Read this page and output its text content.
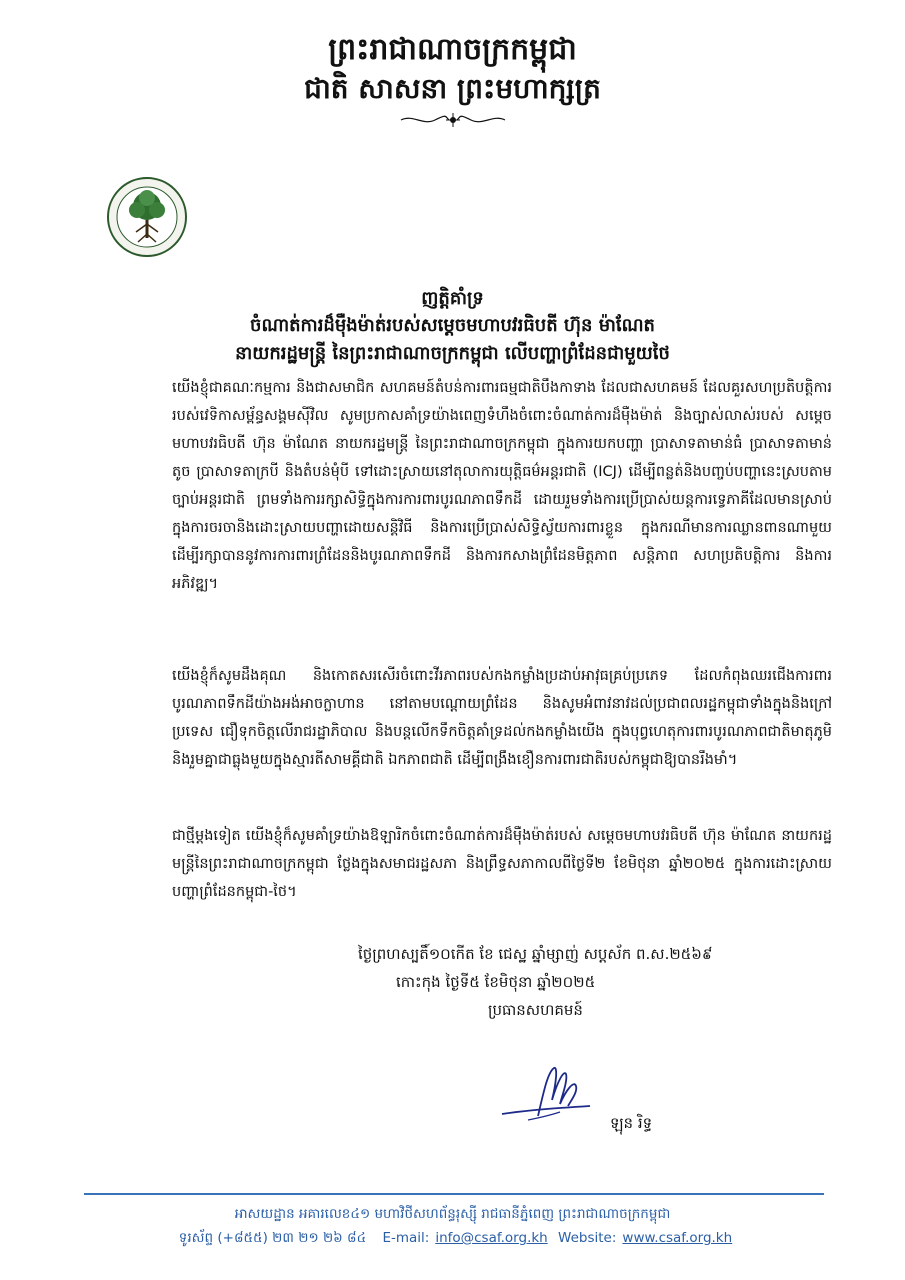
ព្រះរាជាណាចក្រកម្ពុជា
ជាតិ សាសនា ព្រះមហាក្សត្រ
ញត្តិគាំទ្រ
ចំណាត់ការដ៏ម៉ឺងម៉ាត់របស់សម្ដេចមហាបវរធិបតី ហ៊ុន ម៉ាណែត
នាយករដ្ឋមន្ត្រី នៃព្រះរាជាណាចក្រកម្ពុជា លើបញ្ហាព្រំដែនជាមួយថៃ

យើងខ្ញុំជាគណៈកម្មការ និងជាសមាជិក សហគមន៍តំបន់ការពារធម្មជាតិបឹងកាទាង ដែលជាសហគមន៍ ដែលគួរសហប្រតិបត្តិការរបស់វេទិកាសម្ព័ន្ធសង្គមស៊ីវិល សូមប្រកាសគាំទ្រយ៉ាងពេញទំហឹងចំពោះចំណាត់ការដ៏ម៉ឺងម៉ាត់ និងច្បាស់លាស់របស់ សម្ដេចមហាបវរធិបតី ហ៊ុន ម៉ាណែត នាយករដ្ឋមន្ត្រី នៃព្រះរាជាណាចក្រកម្ពុជា ក្នុងការយកបញ្ហា ប្រាសាទតាមាន់ធំ ប្រាសាទតាមាន់តូច ប្រាសាទតាក្របី និងតំបន់មុំបី ទៅដោះស្រាយនៅតុលាការយុត្តិធម៌អន្តរជាតិ (ICJ) ដើម្បីពន្លត់និងបញ្ចប់បញ្ហានេះស្របតាមច្បាប់អន្តរជាតិ ព្រមទាំងការរក្សាសិទ្ធិក្នុងការការពារបូរណភាពទឹកដី ដោយរួមទាំងការប្រើប្រាស់យន្តការទ្វេភាគីដែលមានស្រាប់ក្នុងការចរចានិងដោះស្រាយបញ្ហាដោយសន្តិវិធី និងការប្រើប្រាស់សិទ្ធិស្វ័យការពារខ្លួន ក្នុងករណីមានការឈ្លានពានណាមួយ ដើម្បីរក្សាបាននូវការការពារព្រំដែននិងបូរណភាពទឹកដី និងការកសាងព្រំដែនមិត្តភាព សន្តិភាព សហប្រតិបត្តិការ និងការអភិវឌ្ឍ។

យើងខ្ញុំក៏សូមដឹងគុណ និងកោតសរសើរចំពោះវីរភាពរបស់កងកម្លាំងប្រដាប់អាវុធគ្រប់ប្រភេទ ដែលកំពុងឈរជើងការពារបូរណភាពទឹកដីយ៉ាងអង់អាចក្លាហាន នៅតាមបណ្ដោយព្រំដែន និងសូមអំពាវនាវដល់ប្រជាពលរដ្ឋកម្ពុជាទាំងក្នុងនិងក្រៅប្រទេស ជឿទុកចិត្តលើរាជរដ្ឋាភិបាល និងបន្តលើកទឹកចិត្តគាំទ្រដល់កងកម្លាំងយើង ក្នុងបុព្វហេតុការពារបូរណភាពជាតិមាតុភូមិ និងរួមគ្នាជាធ្លុងមួយក្នុងស្មារតីសាមគ្គីជាតិ ឯកភាពជាតិ ដើម្បីពង្រឹងខឿនការពារជាតិរបស់កម្ពុជាឱ្យបានរឹងមាំ។

ជាថ្មីម្ដងទៀត យើងខ្ញុំក៏សូមគាំទ្រយ៉ាងឱឡារិកចំពោះចំណាត់ការដ៏ម៉ឺងម៉ាត់របស់ សម្ដេចមហាបវរធិបតី ហ៊ុន ម៉ាណែត នាយករដ្ឋមន្ត្រីនៃព្រះរាជាណាចក្រកម្ពុជា ថ្លែងក្នុងសមាជរដ្ឋសភា និងព្រឹទ្ធសភាកាលពីថ្ងៃទី២ ខែមិថុនា ឆ្នាំ២០២៥ ក្នុងការដោះស្រាយបញ្ហាព្រំដែនកម្ពុជា-ថៃ។

ថ្ងៃព្រហស្បតិ៍១០កើត ខែ ជេស្ឋ ឆ្នាំម្សាញ់ សប្តស័ក ព.ស.២៥៦៩
កោះកុង ថ្ងៃទី៥ ខែមិថុនា ឆ្នាំ២០២៥
ប្រធានសហគមន៍
ឡុន រិទ្ធ
អាសយដ្ឋាន អគារលេខ៤១ មហាវិថីសហព័ន្ធរុស្ស៊ី រាជធានីភ្នំពេញ ព្រះរាជាណាចក្រកម្ពុជា
ទូរស័ព្ទ (+៨៥៥) ២៣ ២១ ២៦ ៨៤ E-mail: info@csaf.org.kh Website: www.csaf.org.kh
